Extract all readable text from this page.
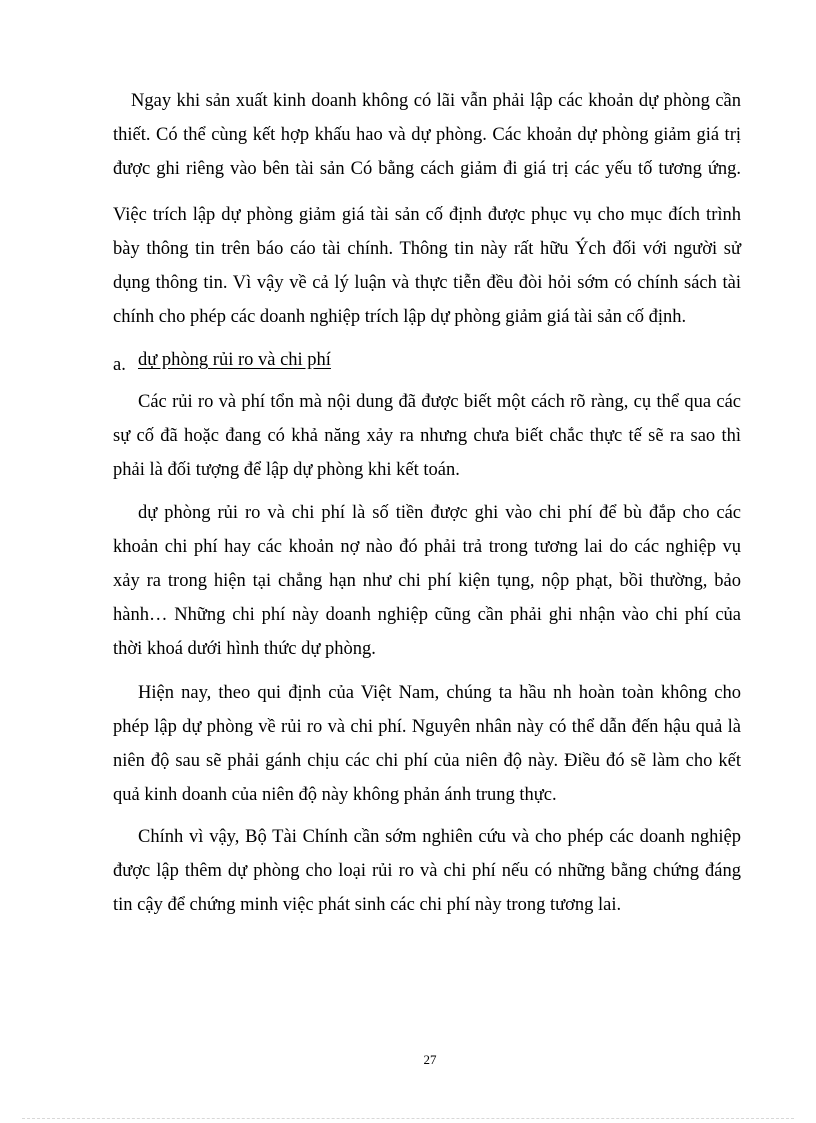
Ngay khi sản xuất kinh doanh không có lãi vẫn phải lập các khoản dự phòng cần
thiết. Có thể cùng kết hợp khấu hao và dự phòng. Các khoản dự phòng giảm giá trị
được ghi riêng vào bên tài sản Có bằng cách giảm đi giá trị các yếu tố tương ứng.
Việc trích lập dự phòng giảm giá tài sản cố định được phục vụ cho mục đích trình
bày thông tin trên báo cáo tài chính. Thông tin này rất hữu Ých đối với người sử
dụng thông tin. Vì vậy về cả lý luận và thực tiễn đều đòi hỏi sớm có chính sách tài
chính cho phép các doanh nghiệp trích lập dự phòng giảm giá tài sản cố định.
a. dự phòng rủi ro và chi phí
Các rủi ro và phí tổn mà nội dung đã được biết một cách rõ ràng, cụ thể qua các
sự cố đã hoặc đang có khả năng xảy ra nhưng chưa biết chắc thực tế sẽ ra sao thì
phải là đối tượng để lập dự phòng khi kết toán.
dự phòng rủi ro và chi phí là số tiền được ghi vào chi phí để bù đắp cho các
khoản chi phí hay các khoản nợ nào đó phải trả trong tương lai do các nghiệp vụ
xảy ra trong hiện tại chẳng hạn như chi phí kiện tụng, nộp phạt, bồi thường, bảo
hành… Những chi phí này doanh nghiệp cũng cần phải ghi nhận vào chi phí của
thời khoá dưới hình thức dự phòng.
Hiện nay, theo qui định của Việt Nam, chúng ta hầu nh hoàn toàn không cho
phép lập dự phòng về rủi ro và chi phí. Nguyên nhân này có thể dẫn đến hậu quả là
niên độ sau sẽ phải gánh chịu các chi phí của niên độ này. Điều đó sẽ làm cho kết
quả kinh doanh của niên độ này không phản ánh trung thực.
Chính vì vậy, Bộ Tài Chính cần sớm nghiên cứu và cho phép các doanh nghiệp
được lập thêm dự phòng cho loại rủi ro và chi phí nếu có những bằng chứng đáng
tin cậy để chứng minh việc phát sinh các chi phí này trong tương lai.
27
